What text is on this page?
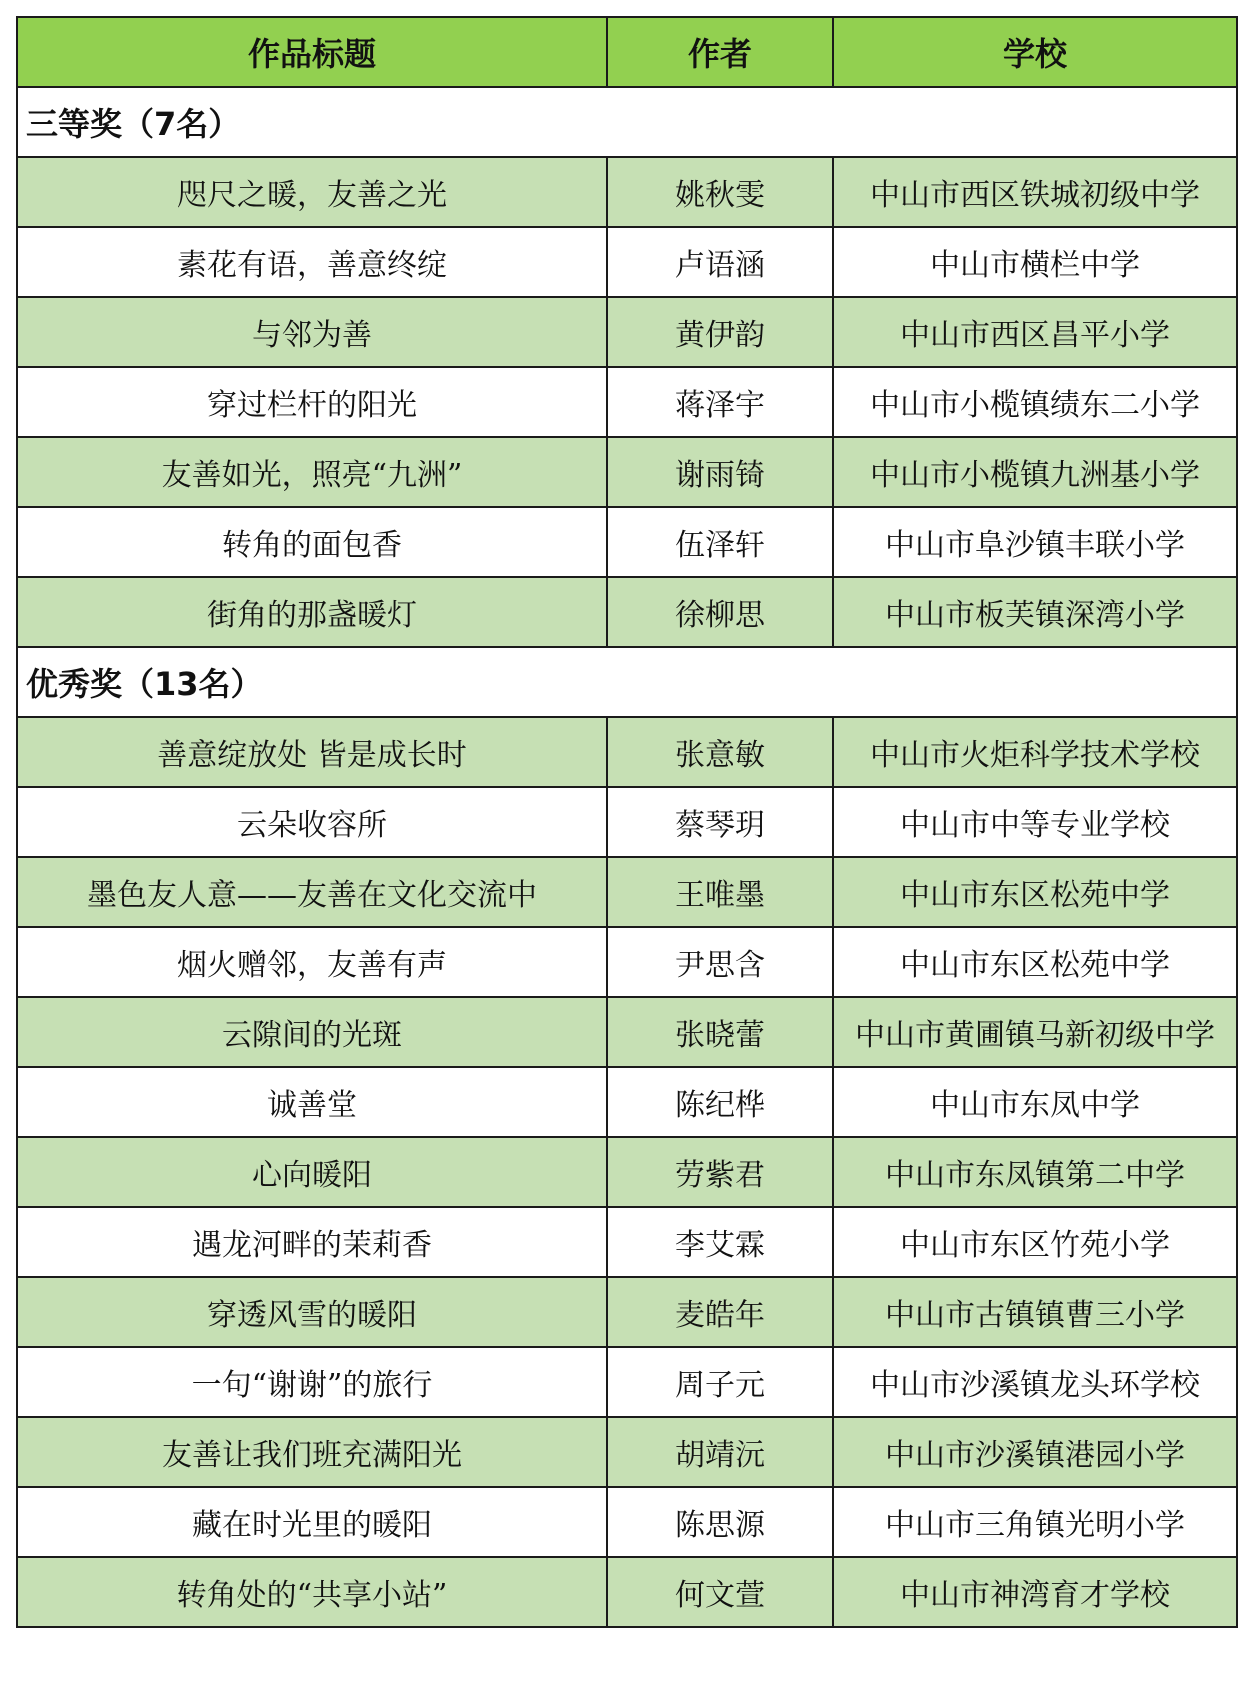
作品标题	作者	学校
三等奖（7名）		
咫尺之暖，友善之光	姚秋雯	中山市西区铁城初级中学
素花有语，善意终绽	卢语涵	中山市横栏中学
与邻为善	黄伊韵	中山市西区昌平小学
穿过栏杆的阳光	蒋泽宇	中山市小榄镇绩东二小学
友善如光，照亮“九洲”	谢雨锜	中山市小榄镇九洲基小学
转角的面包香	伍泽轩	中山市阜沙镇丰联小学
街角的那盏暖灯	徐柳思	中山市板芙镇深湾小学
优秀奖（13名）		
善意绽放处 皆是成长时	张意敏	中山市火炬科学技术学校
云朵收容所	蔡琴玥	中山市中等专业学校
墨色友人意——友善在文化交流中	王唯墨	中山市东区松苑中学
烟火赠邻，友善有声	尹思含	中山市东区松苑中学
云隙间的光斑	张晓蕾	中山市黄圃镇马新初级中学
诚善堂	陈纪桦	中山市东凤中学
心向暖阳	劳紫君	中山市东凤镇第二中学
遇龙河畔的茉莉香	李艾霖	中山市东区竹苑小学
穿透风雪的暖阳	麦皓年	中山市古镇镇曹三小学
一句“谢谢”的旅行	周子元	中山市沙溪镇龙头环学校
友善让我们班充满阳光	胡靖沅	中山市沙溪镇港园小学
藏在时光里的暖阳	陈思源	中山市三角镇光明小学
转角处的“共享小站”	何文萱	中山市神湾育才学校
